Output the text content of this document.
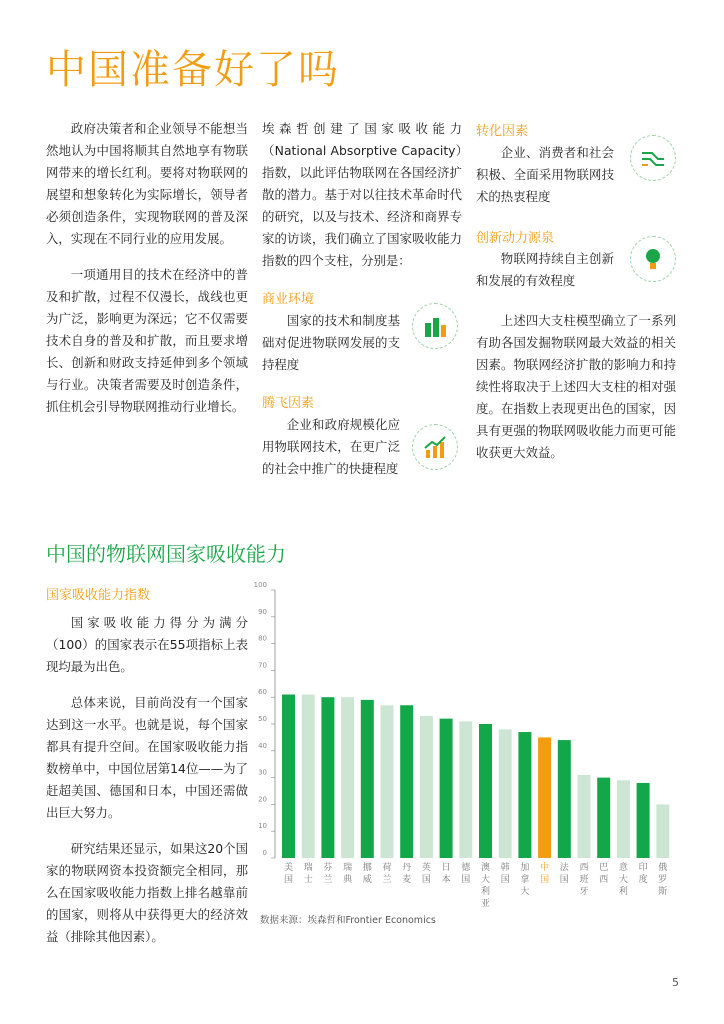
中国准备好了吗
政府决策者和企业领导不能想当然地认为中国将顺其自然地享有物联网带来的增长红利。要将对物联网的展望和想象转化为实际增长，领导者必须创造条件，实现物联网的普及深入，实现在不同行业的应用发展。
一项通用目的技术在经济中的普及和扩散，过程不仅漫长，战线也更为广泛，影响更为深远；它不仅需要技术自身的普及和扩散，而且要求增长、创新和财政支持延伸到多个领域与行业。决策者需要及时创造条件，抓住机会引导物联网推动行业增长。
埃森哲创建了国家吸收能力（National Absorptive Capacity）指数，以此评估物联网在各国经济扩散的潜力。基于对以往技术革命时代的研究，以及与技术、经济和商界专家的访谈，我们确立了国家吸收能力指数的四个支柱，分别是：
商业环境
国家的技术和制度基础对促进物联网发展的支持程度
腾飞因素
企业和政府规模化应用物联网技术，在更广泛的社会中推广的快捷程度
转化因素
企业、消费者和社会积极、全面采用物联网技术的热衷程度
创新动力源泉
物联网持续自主创新和发展的有效程度
上述四大支柱模型确立了一系列有助各国发掘物联网最大效益的相关因素。物联网经济扩散的影响力和持续性将取决于上述四大支柱的相对强度。在指数上表现更出色的国家，因具有更强的物联网吸收能力而更可能收获更大效益。
中国的物联网国家吸收能力
国家吸收能力指数
国家吸收能力得分为满分（100）的国家表示在55项指标上表现均最为出色。
总体来说，目前尚没有一个国家达到这一水平。也就是说，每个国家都具有提升空间。在国家吸收能力指数榜单中，中国位居第14位——为了赶超美国、德国和日本，中国还需做出巨大努力。
研究结果还显示，如果这20个国家的物联网资本投资额完全相同，那么在国家吸收能力指数上排名越靠前的国家，则将从中获得更大的经济效益（排除其他因素）。
0
10
20
30
40
50
60
70
80
90
100
美
国
瑞
士
芬
兰
瑞
典
挪
威
荷
兰
丹
麦
英
国
日
本
德
国
澳
大
利
亚
韩
国
加
拿
大
中
国
法
国
西
班
牙
巴
西
意
大
利
印
度
俄
罗
斯
数据来源：埃森哲和Frontier Economics
5
